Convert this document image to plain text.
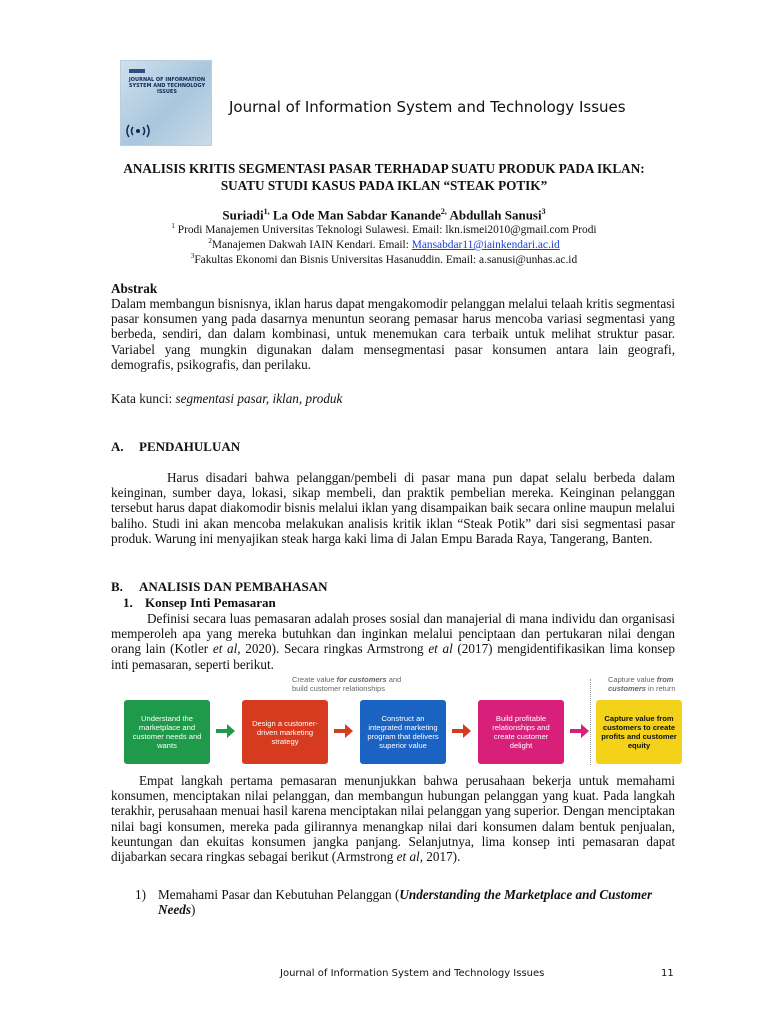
JOURNAL OF INFORMATION SYSTEM AND TECHNOLOGY ISSUES
Journal of Information System and Technology Issues
ANALISIS KRITIS SEGMENTASI PASAR TERHADAP SUATU PRODUK PADA IKLAN:
SUATU STUDI KASUS PADA IKLAN “STEAK POTIK”
Suriadi$^{1,}$ La Ode Man Sabdar Kanande$^{2,}$ Abdullah Sanusi$^3$
$^1$ Prodi Manajemen Universitas Teknologi Sulawesi. Email: lkn.ismei2010@gmail.com Prodi
$^2$Manajemen Dakwah IAIN Kendari. Email: Mansabdar11@iainkendari.ac.id
$^3$Fakultas Ekonomi dan Bisnis Universitas Hasanuddin. Email: a.sanusi@unhas.ac.id
Abstrak
Dalam membangun bisnisnya, iklan harus dapat mengakomodir pelanggan melalui telaah kritis segmentasi pasar konsumen yang pada dasarnya menuntun seorang pemasar harus mencoba variasi segmentasi yang berbeda, sendiri, dan dalam kombinasi, untuk menemukan cara terbaik untuk melihat struktur pasar. Variabel yang mungkin digunakan dalam mensegmentasi pasar konsumen antara lain geografi, demografis, psikografis, dan perilaku.
Kata kunci: segmentasi pasar, iklan, produk
A. PENDAHULUAN
Harus disadari bahwa pelanggan/pembeli di pasar mana pun dapat selalu berbeda dalam keinginan, sumber daya, lokasi, sikap membeli, dan praktik pembelian mereka. Keinginan pelanggan tersebut harus dapat diakomodir bisnis melalui iklan yang disampaikan baik secara online maupun melalui baliho. Studi ini akan mencoba melakukan analisis kritik iklan “Steak Potik” dari sisi segmentasi pasar produk. Warung ini menyajikan steak harga kaki lima di Jalan Empu Barada Raya, Tangerang, Banten.
B. ANALISIS DAN PEMBAHASAN
1. Konsep Inti Pemasaran
Definisi secara luas pemasaran adalah proses sosial dan manajerial di mana individu dan organisasi memperoleh apa yang mereka butuhkan dan inginkan melalui penciptaan dan pertukaran nilai dengan orang lain (Kotler et al, 2020). Secara ringkas Armstrong et al (2017) mengidentifikasikan lima konsep inti pemasaran, seperti berikut.
Create value for customers and
build customer relationships
Capture value from
customers in return
Understand the marketplace and customer needs and wants
Design a customer-driven marketing strategy
Construct an integrated marketing program that delivers superior value
Build profitable relationships and create customer delight
Capture value from customers to create profits and customer equity
Empat langkah pertama pemasaran menunjukkan bahwa perusahaan bekerja untuk memahami konsumen, menciptakan nilai pelanggan, dan membangun hubungan pelanggan yang kuat. Pada langkah terakhir, perusahaan menuai hasil karena menciptakan nilai pelanggan yang superior. Dengan menciptakan nilai bagi konsumen, mereka pada gilirannya menangkap nilai dari konsumen dalam bentuk penjualan, keuntungan dan ekuitas konsumen jangka panjang. Selanjutnya, lima konsep inti pemasaran dapat dijabarkan secara ringkas sebagai berikut (Armstrong et al, 2017).
1) Memahami Pasar dan Kebutuhan Pelanggan (Understanding the Marketplace and Customer Needs)
Journal of Information System and Technology Issues	11
